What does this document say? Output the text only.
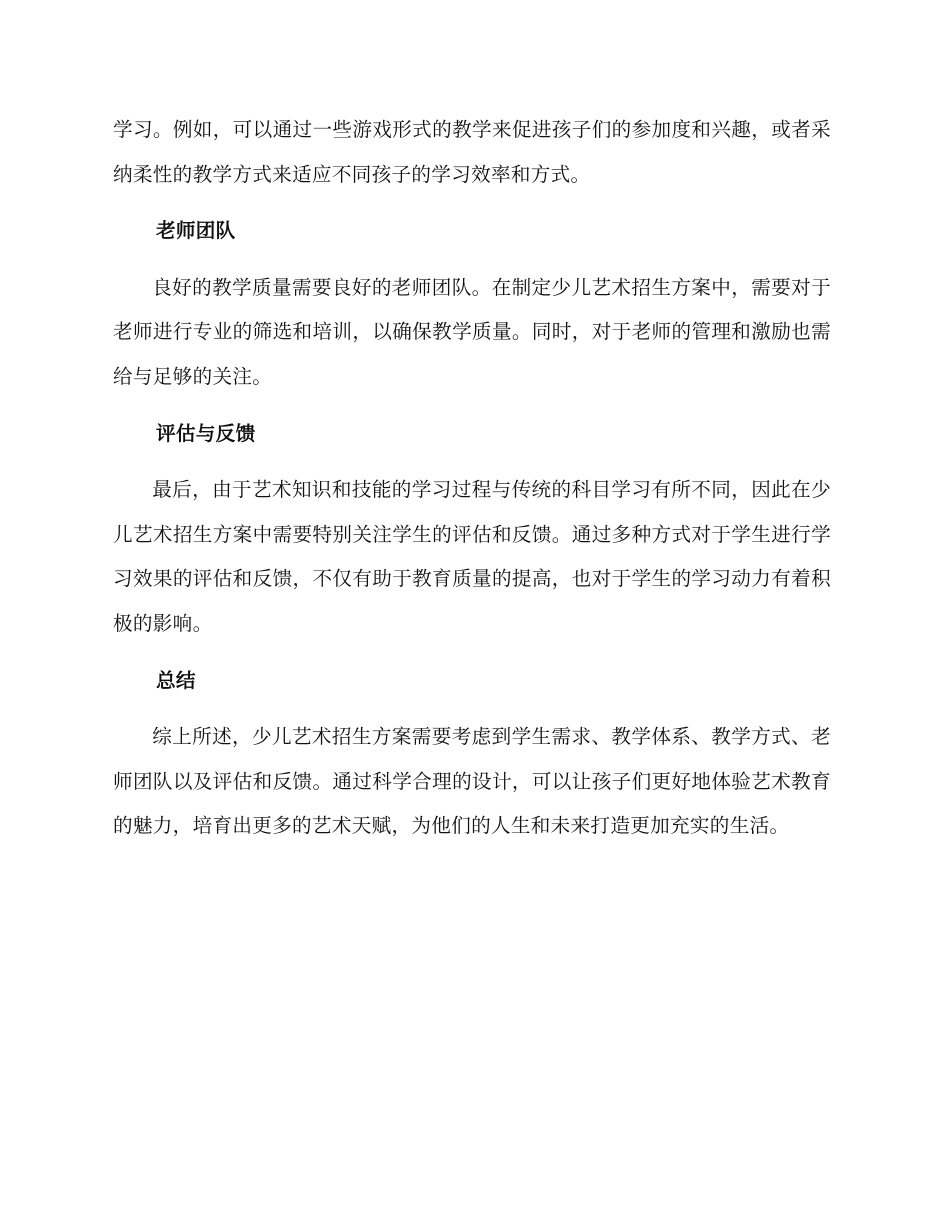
学习。例如，可以通过一些游戏形式的教学来促进孩子们的参加度和兴趣，或者采纳柔性的教学方式来适应不同孩子的学习效率和方式。

老师团队

良好的教学质量需要良好的老师团队。在制定少儿艺术招生方案中，需要对于老师进行专业的筛选和培训，以确保教学质量。同时，对于老师的管理和激励也需给与足够的关注。

评估与反馈

最后，由于艺术知识和技能的学习过程与传统的科目学习有所不同，因此在少儿艺术招生方案中需要特别关注学生的评估和反馈。通过多种方式对于学生进行学习效果的评估和反馈，不仅有助于教育质量的提高，也对于学生的学习动力有着积极的影响。

总结

综上所述，少儿艺术招生方案需要考虑到学生需求、教学体系、教学方式、老师团队以及评估和反馈。通过科学合理的设计，可以让孩子们更好地体验艺术教育的魅力，培育出更多的艺术天赋，为他们的人生和未来打造更加充实的生活。
